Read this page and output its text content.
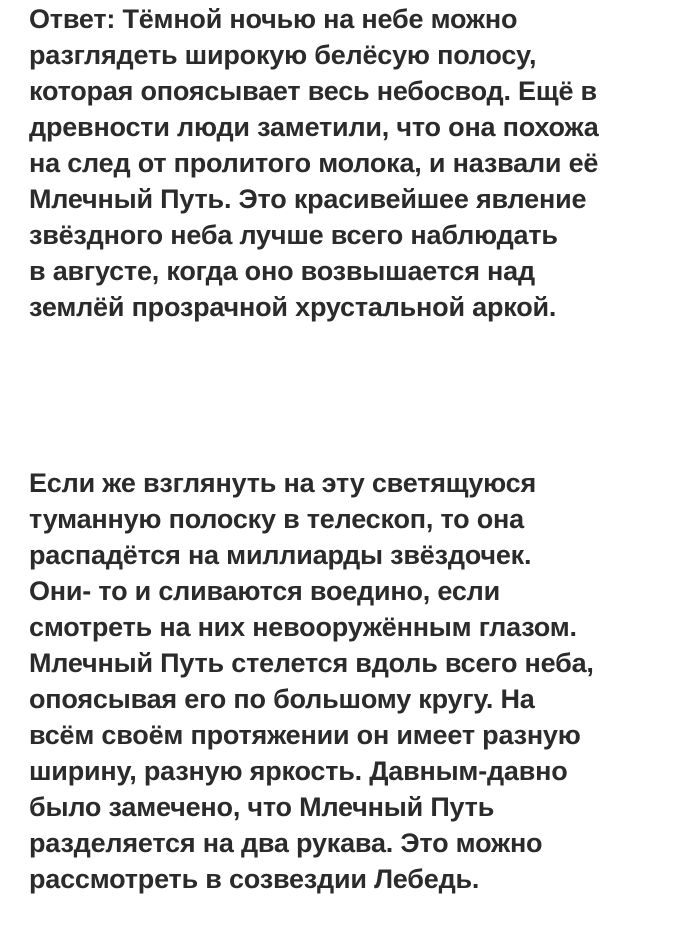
Ответ: Тёмной ночью на небе можно
разглядеть широкую белёсую полосу,
которая опоясывает весь небосвод. Ещё в
древности люди заметили, что она похожа
на след от пролитого молока, и назвали её
Млечный Путь. Это красивейшее явление
звёздного неба лучше всего наблюдать
в августе, когда оно возвышается над
землёй прозрачной хрустальной аркой.

Если же взглянуть на эту светящуюся
туманную полоску в телескоп, то она
распадётся на миллиарды звёздочек.
Они- то и сливаются воедино, если
смотреть на них невооружённым глазом.
Млечный Путь стелется вдоль всего неба,
опоясывая его по большому кругу. На
всём своём протяжении он имеет разную
ширину, разную яркость. Давным-давно
было замечено, что Млечный Путь
разделяется на два рукава. Это можно
рассмотреть в созвездии Лебедь.
